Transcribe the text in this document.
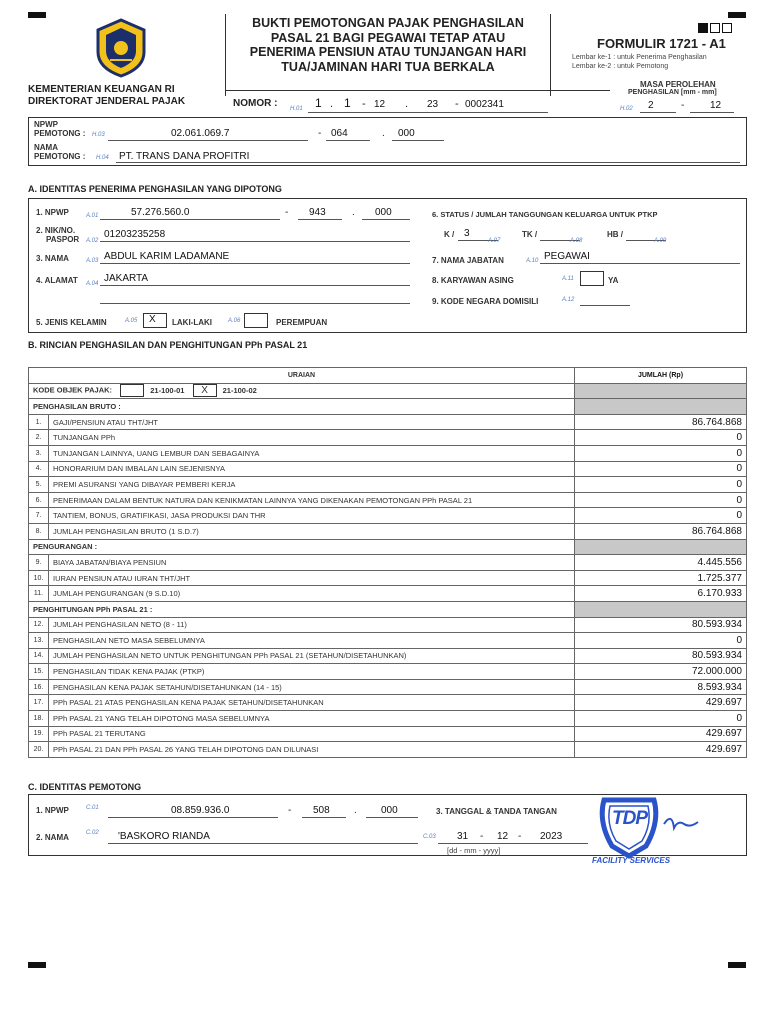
KEMENTERIAN KEUANGAN RI
DIREKTORAT JENDERAL PAJAK
BUKTI PEMOTONGAN PAJAK PENGHASILAN
PASAL 21 BAGI PEGAWAI TETAP ATAU
PENERIMA PENSIUN ATAU TUNJANGAN HARI
TUA/JAMINAN HARI TUA BERKALA
FORMULIR 1721 - A1
Lembar ke-1 : untuk Penerima Penghasilan
Lembar ke-2 : untuk Pemotong
NOMOR : H.01 1 . 1 - 12 . 23 - 0002341
MASA PEROLEHAN
PENGHASILAN [mm - mm]
H.02 2	-	12
NPWP
PEMOTONG : H.03	02.061.069.7	- 064	. 000
NAMA
PEMOTONG : H.04 PT. TRANS DANA PROFITRI
A. IDENTITAS PENERIMA PENGHASILAN YANG DIPOTONG
1. NPWP	A.01	57.276.560.0	- 943	. 000
2. NIK/NO.
PASPOR A.02
01203235258
3. NAMA	A.03 ABDUL KARIM LADAMANE
4. ALAMAT A.04 JAKARTA
5. JENIS KELAMIN	A.05 X LAKI-LAKI	A.06	PEREMPUAN
6. STATUS / JUMLAH TANGGUNGAN KELUARGA UNTUK PTKP
K / 3
A.07
TK /
A.08
HB /
A.09
7. NAMA JABATAN	A.10 PEGAWAI
8. KARYAWAN ASING	A.11	YA
9. KODE NEGARA DOMISILI	A.12
B. RINCIAN PENGHASILAN DAN PENGHITUNGAN PPh PASAL 21
URAIAN		JUMLAH (Rp)
KODE OBJEK PAJAK: 21-100-01 X 21-100-02		
PENGHASILAN BRUTO :		
1.	GAJI/PENSIUN ATAU THT/JHT	86.764.868
2.	TUNJANGAN PPh	0
3.	TUNJANGAN LAINNYA, UANG LEMBUR DAN SEBAGAINYA	0
4.	HONORARIUM DAN IMBALAN LAIN SEJENISNYA	0
5.	PREMI ASURANSI YANG DIBAYAR PEMBERI KERJA	0
6.	PENERIMAAN DALAM BENTUK NATURA DAN KENIKMATAN LAINNYA YANG DIKENAKAN PEMOTONGAN PPh PASAL 21	0
7.	TANTIEM, BONUS, GRATIFIKASI, JASA PRODUKSI DAN THR	0
8.	JUMLAH PENGHASILAN BRUTO (1 S.D.7)	86.764.868
PENGURANGAN :		
9.	BIAYA JABATAN/BIAYA PENSIUN	4.445.556
10.	IURAN PENSIUN ATAU IURAN THT/JHT	1.725.377
11.	JUMLAH PENGURANGAN (9 S.D.10)	6.170.933
PENGHITUNGAN PPh PASAL 21 :		
12.	JUMLAH PENGHASILAN NETO (8 - 11)	80.593.934
13.	PENGHASILAN NETO MASA SEBELUMNYA	0
14.	JUMLAH PENGHASILAN NETO UNTUK PENGHITUNGAN PPh PASAL 21 (SETAHUN/DISETAHUNKAN)	80.593.934
15.	PENGHASILAN TIDAK KENA PAJAK (PTKP)	72.000.000
16.	PENGHASILAN KENA PAJAK SETAHUN/DISETAHUNKAN (14 - 15)	8.593.934
17.	PPh PASAL 21 ATAS PENGHASILAN KENA PAJAK SETAHUN/DISETAHUNKAN	429.697
18.	PPh PASAL 21 YANG TELAH DIPOTONG MASA SEBELUMNYA	0
19.	PPh PASAL 21 TERUTANG	429.697
20.	PPh PASAL 21 DAN PPh PASAL 26 YANG TELAH DIPOTONG DAN DILUNASI	429.697
C. IDENTITAS PEMOTONG
1. NPWP	C.01	08.859.936.0	- 508 . 000
2. NAMA	C.02 'BASKORO RIANDA
3. TANGGAL & TANDA TANGAN
C.03 31 - 12 - 2023
[dd - mm - yyyy]
TDP
FACILITY SERVICES
